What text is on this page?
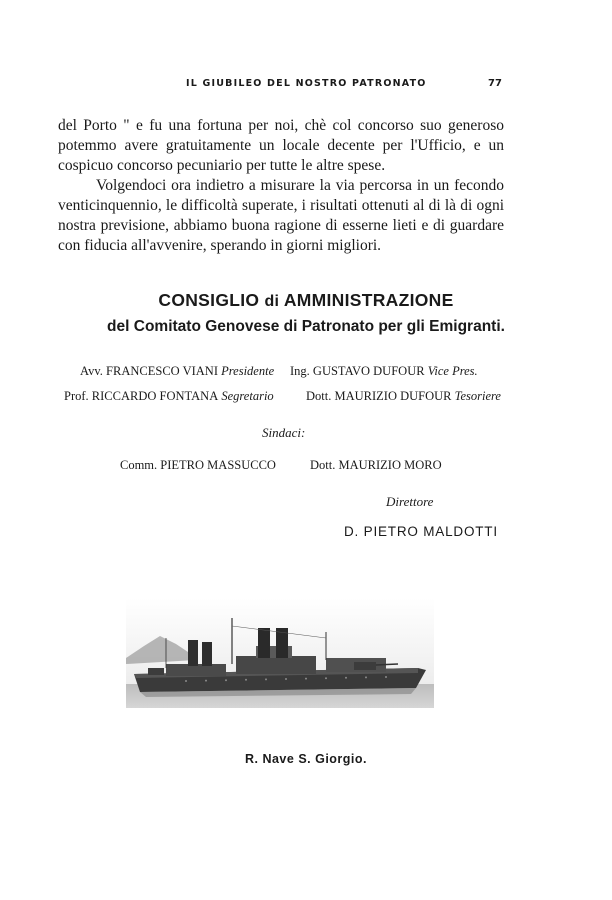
IL GIUBILEO DEL NOSTRO PATRONATO	77

del Porto " e fu una fortuna per noi, chè col concorso suo generoso potemmo avere gratuitamente un locale decente per l'Ufficio, e un cospicuo concorso pecuniario per tutte le altre spese.

Volgendoci ora indietro a misurare la via percorsa in un fecondo venticinquennio, le difficoltà superate, i risultati ottenuti al di là di ogni nostra previsione, abbiamo buona ragione di esserne lieti e di guardare con fiducia all'avvenire, sperando in giorni migliori.

CONSIGLIO di AMMINISTRAZIONE
del Comitato Genovese di Patronato per gli Emigranti.
Avv. FRANCESCO VIANI Presidente Ing. GUSTAVO DUFOUR Vice Pres.
Prof. RICCARDO FONTANA Segretario	Dott. MAURIZIO DUFOUR Tesoriere
Sindaci:
Comm. PIETRO MASSUCCO	Dott. MAURIZIO MORO
Direttore
D. PIETRO MALDOTTI
R. Nave S. Giorgio.
